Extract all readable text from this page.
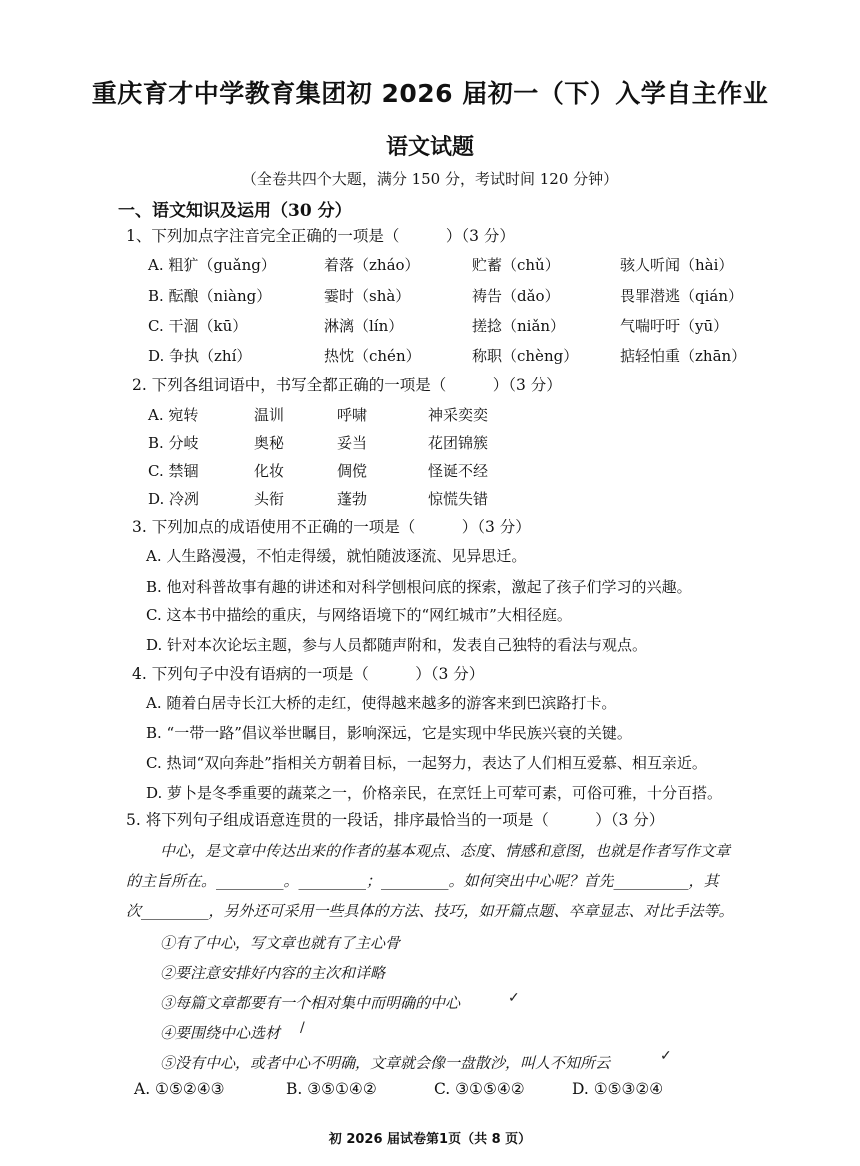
重庆育才中学教育集团初 2026 届初一（下）入学自主作业
语文试题
（全卷共四个大题，满分 150 分，考试时间 120 分钟）
一、语文知识及运用（30 分）
1、下列加点字注音完全正确的一项是（　　　）（3 分）
A. 粗犷（guǎng）	着落（zháo）	贮蓄（chǔ）	骇人听闻（hài）
B. 酝酿（niàng）	霎时（shà）	祷告（dǎo）	畏罪潜逃（qián）
C. 干涸（kū）	淋漓（lín）	搓捻（niǎn）	气喘吁吁（yū）
D. 争执（zhí）	热忱（chén）	称职（chèng）	掂轻怕重（zhān）
2. 下列各组词语中，书写全都正确的一项是（　　　）（3 分）
A. 宛转	温训	呼啸	神采奕奕
B. 分岐	奥秘	妥当	花团锦簇
C. 禁锢	化妆	倜傥	怪诞不经
D. 冷冽	头衔	蓬勃	惊慌失错
3. 下列加点的成语使用不正确的一项是（　　　）（3 分）
A. 人生路漫漫，不怕走得缓，就怕随波逐流、见异思迁。
B. 他对科普故事有趣的讲述和对科学刨根问底的探索，激起了孩子们学习的兴趣。
C. 这本书中描绘的重庆，与网络语境下的“网红城市”大相径庭。
D. 针对本次论坛主题，参与人员都随声附和，发表自己独特的看法与观点。
4. 下列句子中没有语病的一项是（　　　）（3 分）
A. 随着白居寺长江大桥的走红，使得越来越多的游客来到巴滨路打卡。
B. “一带一路”倡议举世瞩目，影响深远，它是实现中华民族兴衰的关键。
C. 热词“双向奔赴”指相关方朝着目标，一起努力，表达了人们相互爱慕、相互亲近。
D. 萝卜是冬季重要的蔬菜之一，价格亲民，在烹饪上可荤可素，可俗可雅，十分百搭。
5. 将下列句子组成语意连贯的一段话，排序最恰当的一项是（　　　）（3 分）
中心，是文章中传达出来的作者的基本观点、态度、情感和意图，也就是作者写作文章
的主旨所在。_________。_________；_________。如何突出中心呢？首先__________，其
次_________，另外还可采用一些具体的方法、技巧，如开篇点题、卒章显志、对比手法等。
①有了中心，写文章也就有了主心骨
②要注意安排好内容的主次和详略
③每篇文章都要有一个相对集中而明确的中心	✓
④要围绕中心选材	/
⑤没有中心，或者中心不明确，文章就会像一盘散沙，叫人不知所云	✓
A. ①⑤②④③	B. ③⑤①④②	C. ③①⑤④②	D. ①⑤③②④
初 2026 届试卷第1页（共 8 页）
